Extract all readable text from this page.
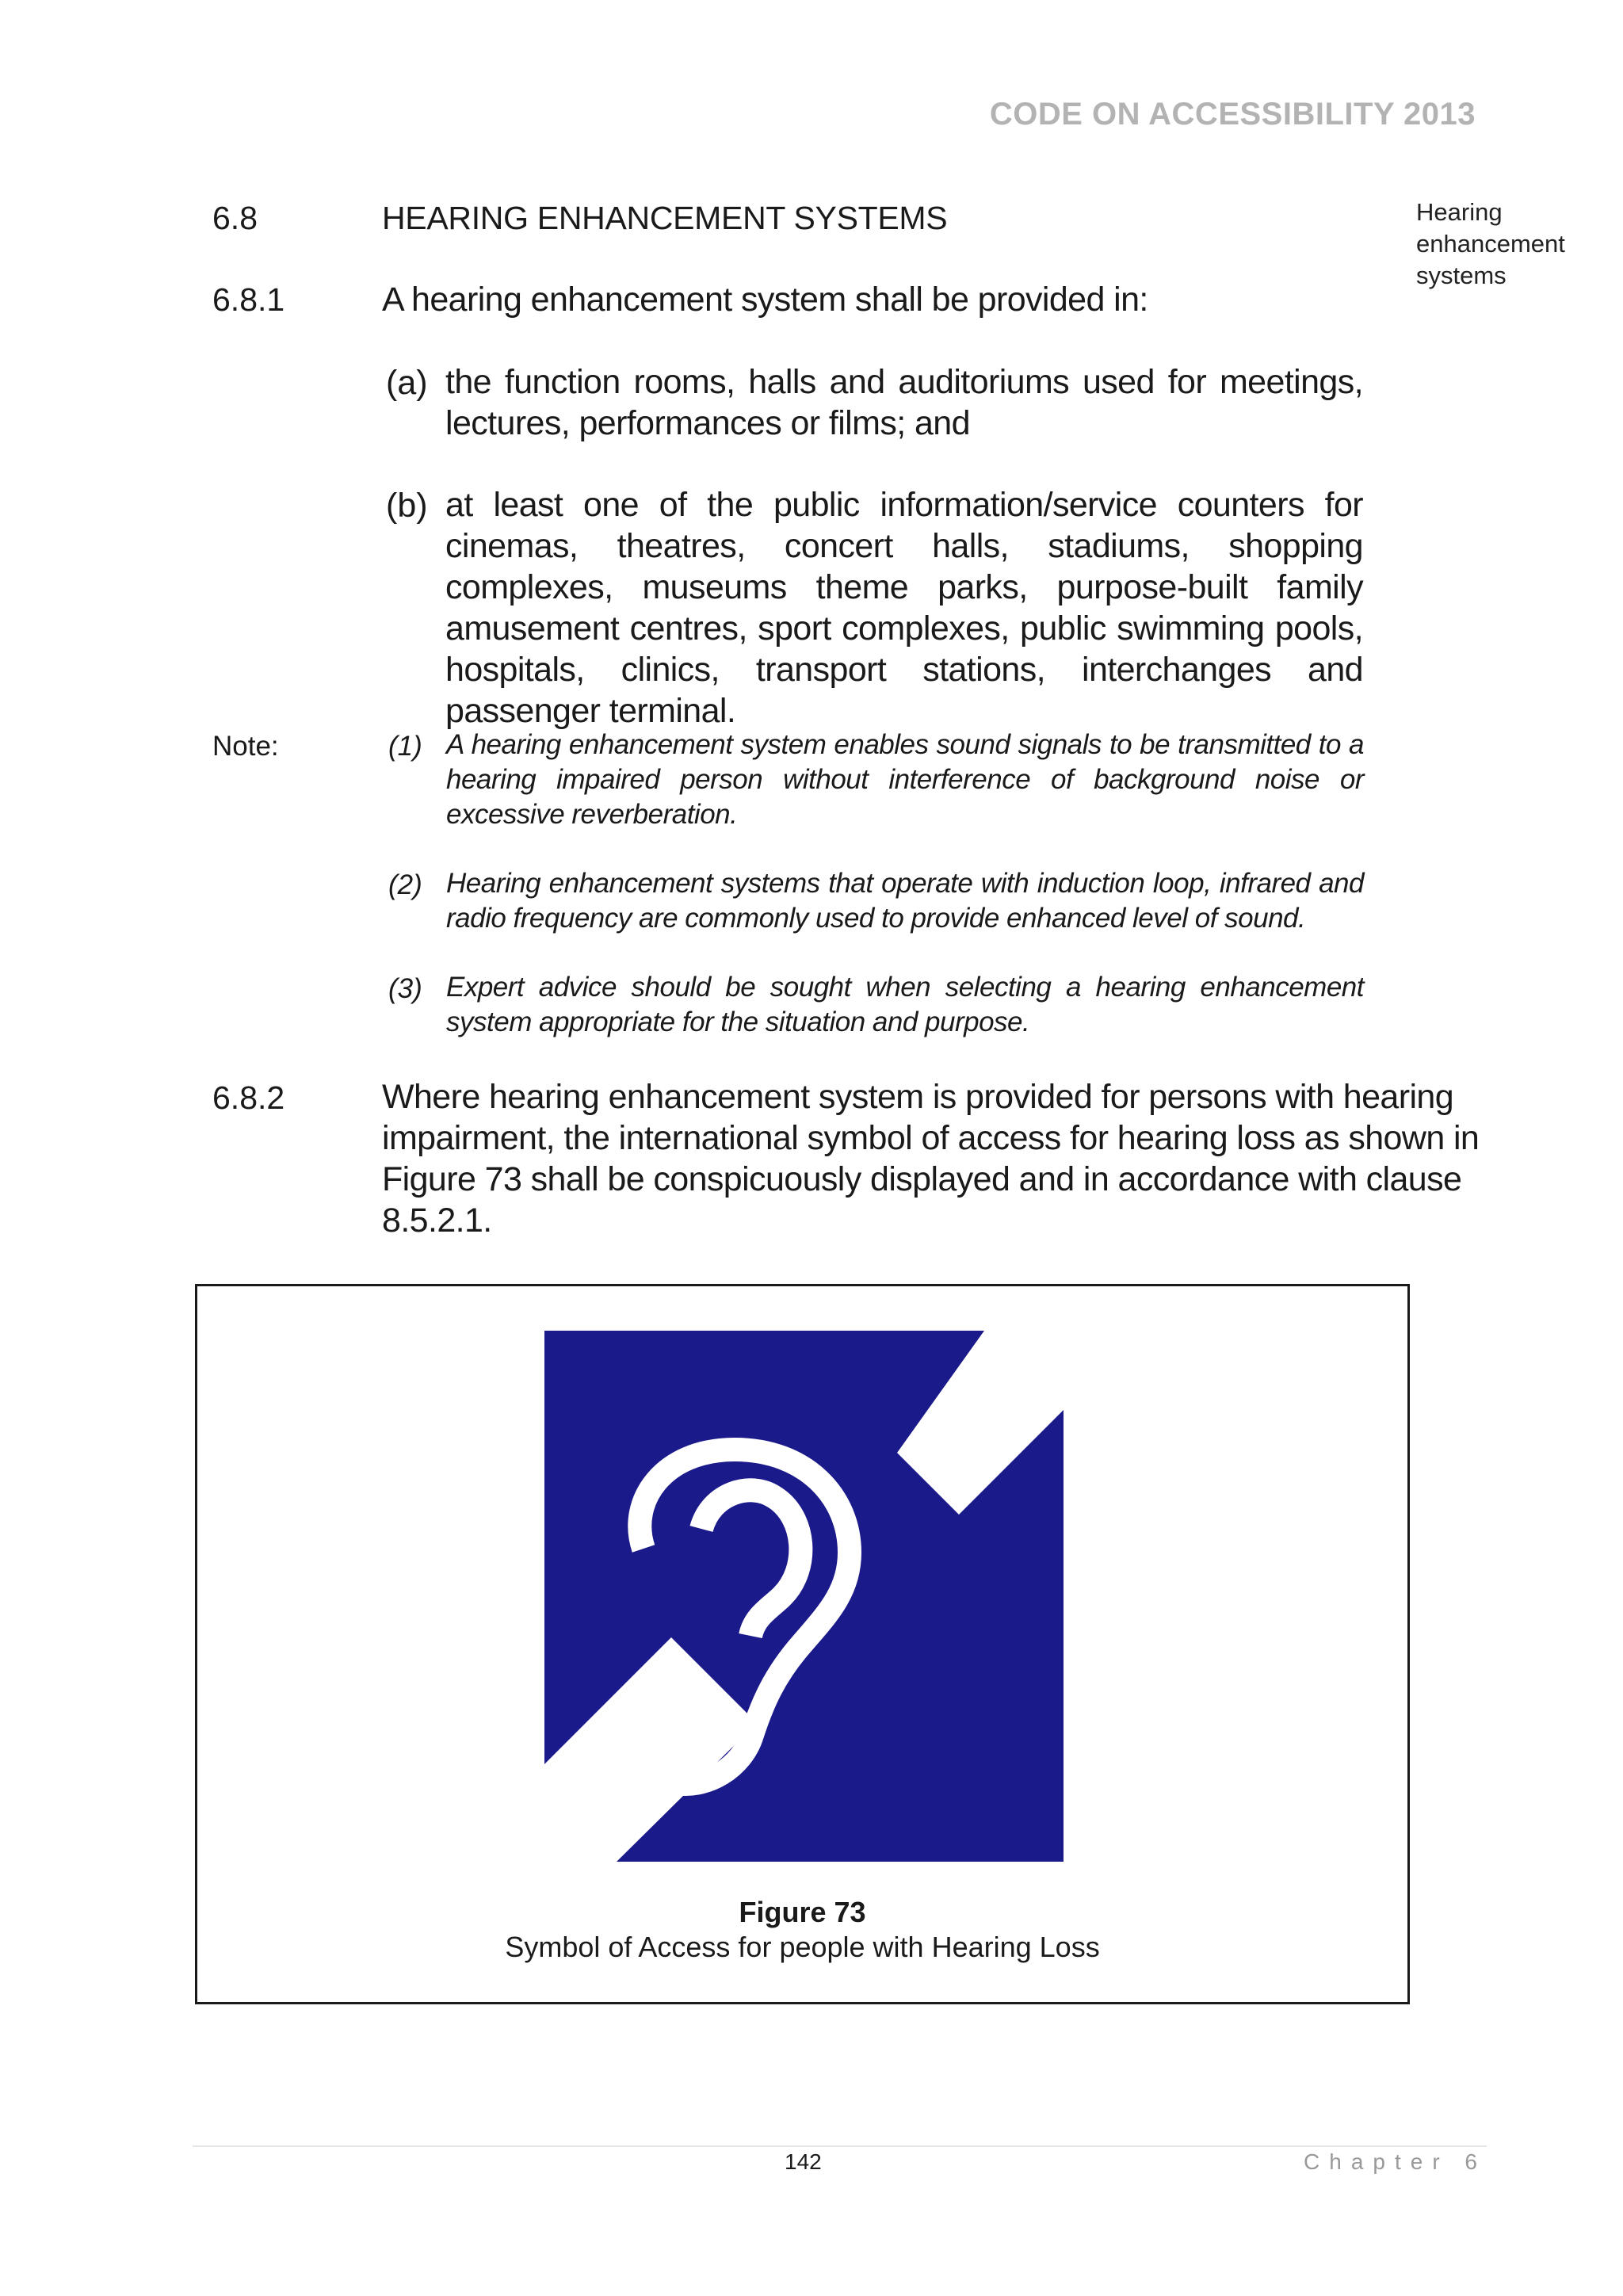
CODE ON ACCESSIBILITY 2013
Hearing
enhancement
systems
6.8	HEARING ENHANCEMENT SYSTEMS
6.8.1	A hearing enhancement system shall be provided in:
(a) the function rooms, halls and auditoriums used for meetings, lectures, performances or films; and
(b) at least one of the public information/service counters for cinemas, theatres, concert halls, stadiums, shopping complexes, museums theme parks, purpose-built family amusement centres, sport complexes, public swimming pools, hospitals, clinics, transport stations, interchanges and passenger terminal.
Note:	(1) A hearing enhancement system enables sound signals to be transmitted to a hearing impaired person without interference of background noise or excessive reverberation.
(2) Hearing enhancement systems that operate with induction loop, infrared and radio frequency are commonly used to provide enhanced level of sound.
(3) Expert advice should be sought when selecting a hearing enhancement system appropriate for the situation and purpose.
6.8.2	Where hearing enhancement system is provided for persons with hearing
impairment, the international symbol of access for hearing loss as shown in
Figure 73 shall be conspicuously displayed and in accordance with clause
8.5.2.1.
Figure 73
Symbol of Access for people with Hearing Loss
142	Chapter 6
